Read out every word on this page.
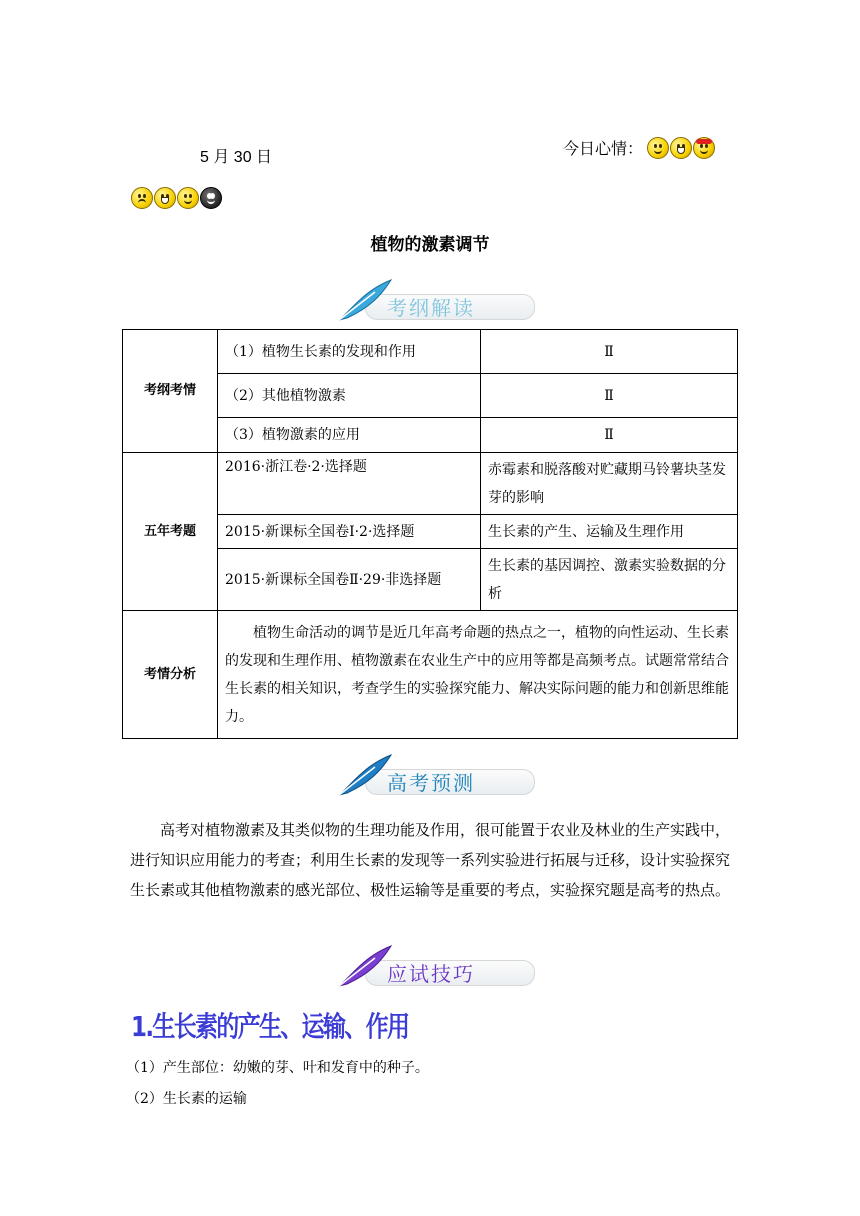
5 月 30 日	今日心情：
植物的激素调节
考纲解读
考纲考情	（1）植物生长素的发现和作用	Ⅱ
	（2）其他植物激素	Ⅱ
	（3）植物激素的应用	Ⅱ
五年考题	2016·浙江卷·2·选择题	赤霉素和脱落酸对贮藏期马铃薯块茎发芽的影响
	2015·新课标全国卷Ⅰ·2·选择题	生长素的产生、运输及生理作用
	2015·新课标全国卷Ⅱ·29·非选择题	生长素的基因调控、激素实验数据的分析
考情分析	植物生命活动的调节是近几年高考命题的热点之一，植物的向性运动、生长素的发现和生理作用、植物激素在农业生产中的应用等都是高频考点。试题常常结合生长素的相关知识，考查学生的实验探究能力、解决实际问题的能力和创新思维能力。	
高考预测
高考对植物激素及其类似物的生理功能及作用，很可能置于农业及林业的生产实践中，进行知识应用能力的考查；利用生长素的发现等一系列实验进行拓展与迁移，设计实验探究生长素或其他植物激素的感光部位、极性运输等是重要的考点，实验探究题是高考的热点。
应试技巧
1.生长素的产生、运输、作用
（1）产生部位：幼嫩的芽、叶和发育中的种子。
（2）生长素的运输
